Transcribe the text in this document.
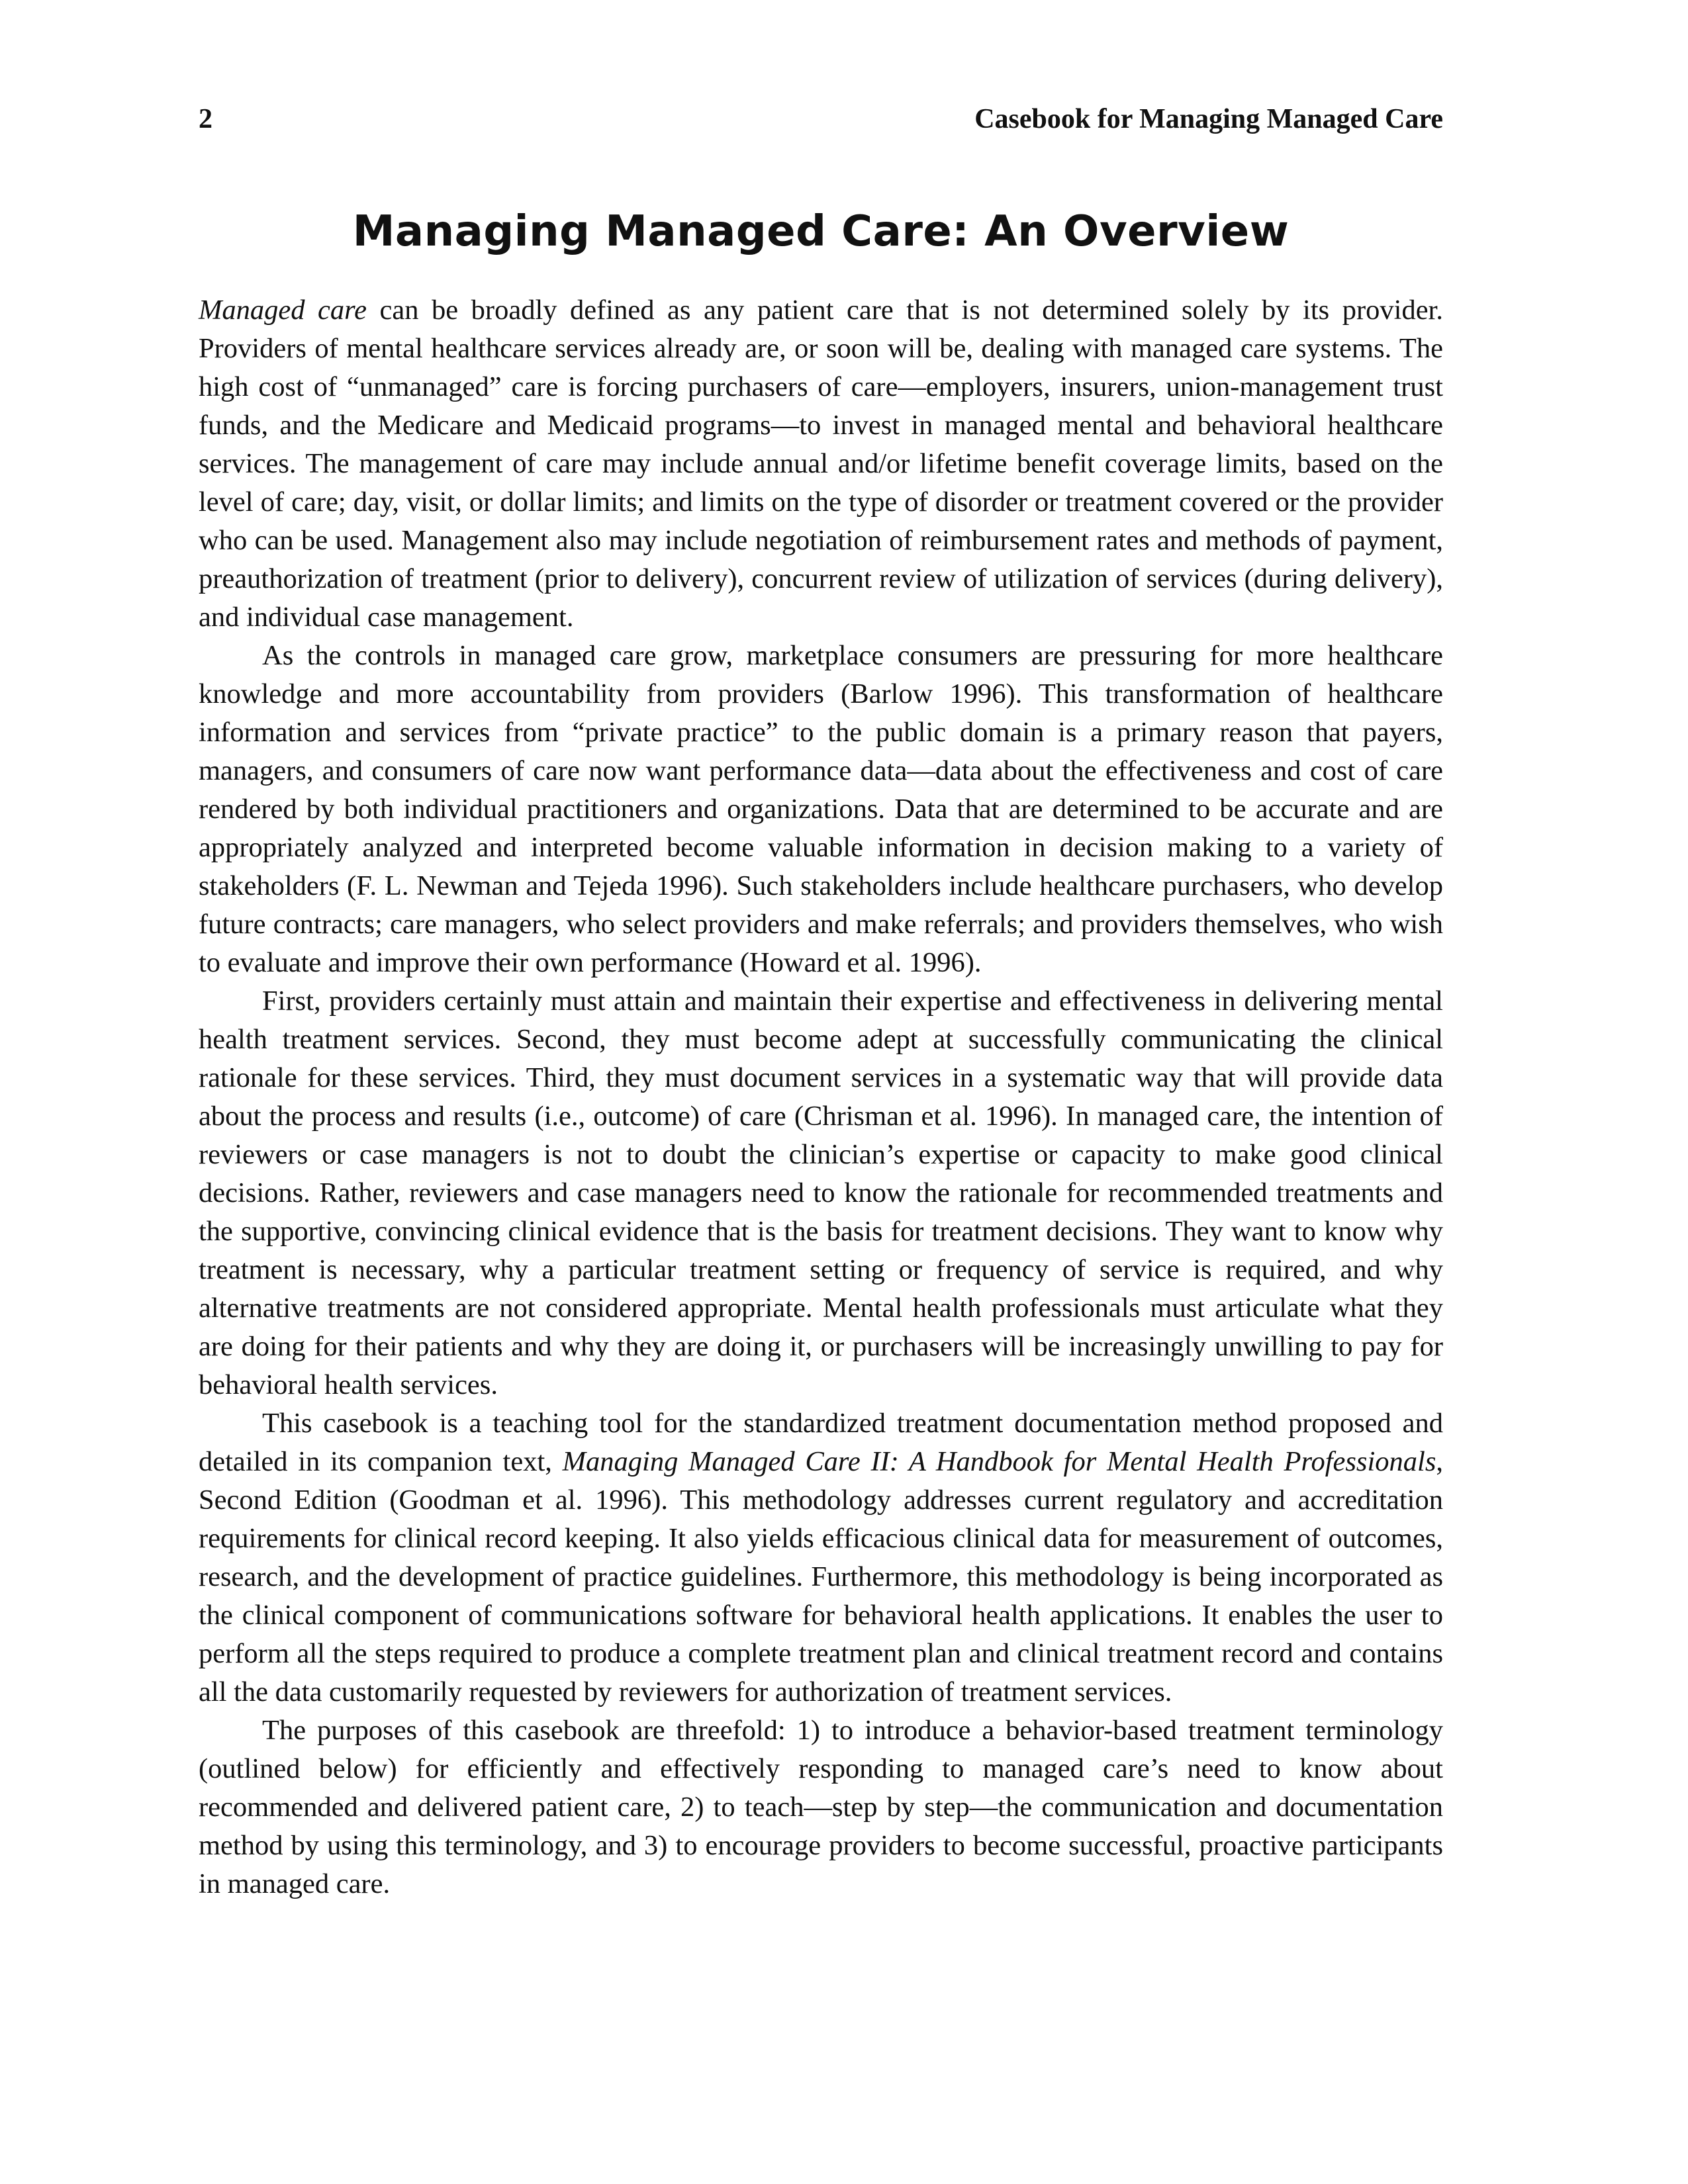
2	Casebook for Managing Managed Care
Managing Managed Care: An Overview

Managed care can be broadly defined as any patient care that is not determined solely by its provider. Providers of mental healthcare services already are, or soon will be, dealing with managed care systems. The high cost of “unmanaged” care is forcing purchasers of care—employers, insurers, union-management trust funds, and the Medicare and Medicaid programs—to invest in managed mental and behavioral healthcare services. The management of care may include annual and/or lifetime benefit coverage limits, based on the level of care; day, visit, or dollar limits; and limits on the type of disorder or treatment covered or the provider who can be used. Management also may include negotiation of reimbursement rates and methods of payment, preauthorization of treatment (prior to delivery), concurrent review of utilization of services (during delivery), and individual case management.

As the controls in managed care grow, marketplace consumers are pressuring for more healthcare knowledge and more accountability from providers (Barlow 1996). This transformation of healthcare information and services from “private practice” to the public domain is a primary reason that payers, managers, and consumers of care now want performance data—data about the effectiveness and cost of care rendered by both individual practitioners and organizations. Data that are determined to be accurate and are appropriately analyzed and interpreted become valuable information in decision making to a variety of stakeholders (F. L. Newman and Tejeda 1996). Such stakeholders include healthcare purchasers, who develop future contracts; care managers, who select providers and make referrals; and providers themselves, who wish to evaluate and improve their own performance (Howard et al. 1996).

First, providers certainly must attain and maintain their expertise and effectiveness in delivering mental health treatment services. Second, they must become adept at successfully communicating the clinical rationale for these services. Third, they must document services in a systematic way that will provide data about the process and results (i.e., outcome) of care (Chrisman et al. 1996). In managed care, the intention of reviewers or case managers is not to doubt the clinician’s expertise or capacity to make good clinical decisions. Rather, reviewers and case managers need to know the rationale for recommended treatments and the supportive, convincing clinical evidence that is the basis for treatment decisions. They want to know why treatment is necessary, why a particular treatment setting or frequency of service is required, and why alternative treatments are not considered appropriate. Mental health professionals must articulate what they are doing for their patients and why they are doing it, or purchasers will be increasingly unwilling to pay for behavioral health services.

This casebook is a teaching tool for the standardized treatment documentation method proposed and detailed in its companion text, Managing Managed Care II: A Handbook for Mental Health Professionals, Second Edition (Goodman et al. 1996). This methodology addresses current regulatory and accreditation requirements for clinical record keeping. It also yields efficacious clinical data for measurement of outcomes, research, and the development of practice guidelines. Furthermore, this methodology is being incorporated as the clinical component of communications software for behavioral health applications. It enables the user to perform all the steps required to produce a complete treatment plan and clinical treatment record and contains all the data customarily requested by reviewers for authorization of treatment services.

The purposes of this casebook are threefold: 1) to introduce a behavior-based treatment terminology (outlined below) for efficiently and effectively responding to managed care’s need to know about recommended and delivered patient care, 2) to teach—step by step—the communication and documentation method by using this terminology, and 3) to encourage providers to become successful, proactive participants in managed care.
